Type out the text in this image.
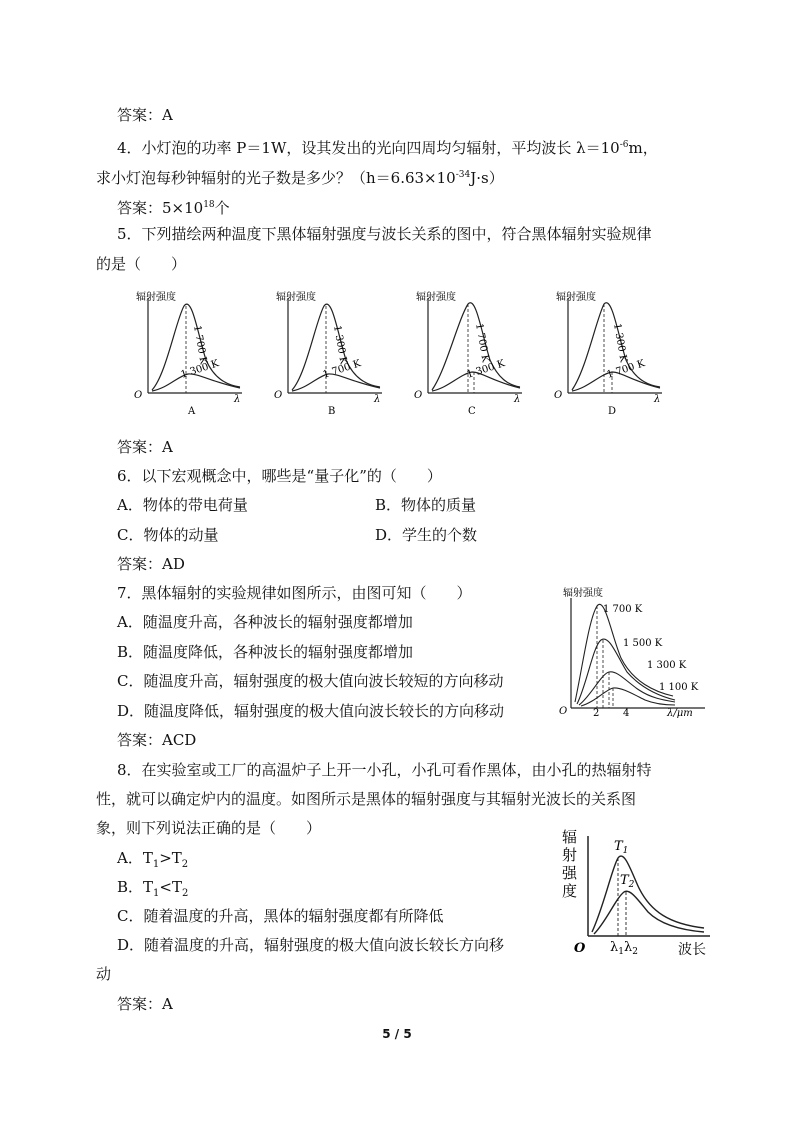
答案：A
4．小灯泡的功率 P＝1W，设其发出的光向四周均匀辐射，平均波长 $\lambda=10^{-6}m$，
求小灯泡每秒钟辐射的光子数是多少？$(h=6.63\times 10^{-34}J\cdot s)$
答案：$5\times 10^{18}$个
5．下列描绘两种温度下黑体辐射强度与波长关系的图中，符合黑体辐射实验规律
的是（　　）
辐射强度
O	λ
1 700 K
1 300 K
A
辐射强度
O	λ
1 300 K
1 700 K
B
辐射强度
O	λ
1 700 K
1 300 K
C
辐射强度
O	λ
1 300 K
1 700 K
D
答案：A
6．以下宏观概念中，哪些是“量子化”的（　　）
A．物体的带电荷量	B．物体的质量
C．物体的动量	D．学生的个数
答案：AD
7．黑体辐射的实验规律如图所示，由图可知（　　）
A．随温度升高，各种波长的辐射强度都增加
B．随温度降低，各种波长的辐射强度都增加
C．随温度升高，辐射强度的极大值向波长较短的方向移动
D．随温度降低，辐射强度的极大值向波长较长的方向移动
答案：ACD
辐射强度
O	λ/μm
2 4
1 700 K
1 500 K
1 300 K
1 100 K
8．在实验室或工厂的高温炉子上开一小孔，小孔可看作黑体，由小孔的热辐射特
性，就可以确定炉内的温度。如图所示是黑体的辐射强度与其辐射光波长的关系图
象，则下列说法正确的是（　　）
A．$T_1>T_2$
B．$T_1<T_2$
C．随着温度的升高，黑体的辐射强度都有所降低
D．随着温度的升高，辐射强度的极大值向波长较长方向移
动
答案：A
辐
射
强
度
O	波长
$T_1$
$T_2$
$\lambda_1$ $\lambda_2$
5 / 5
